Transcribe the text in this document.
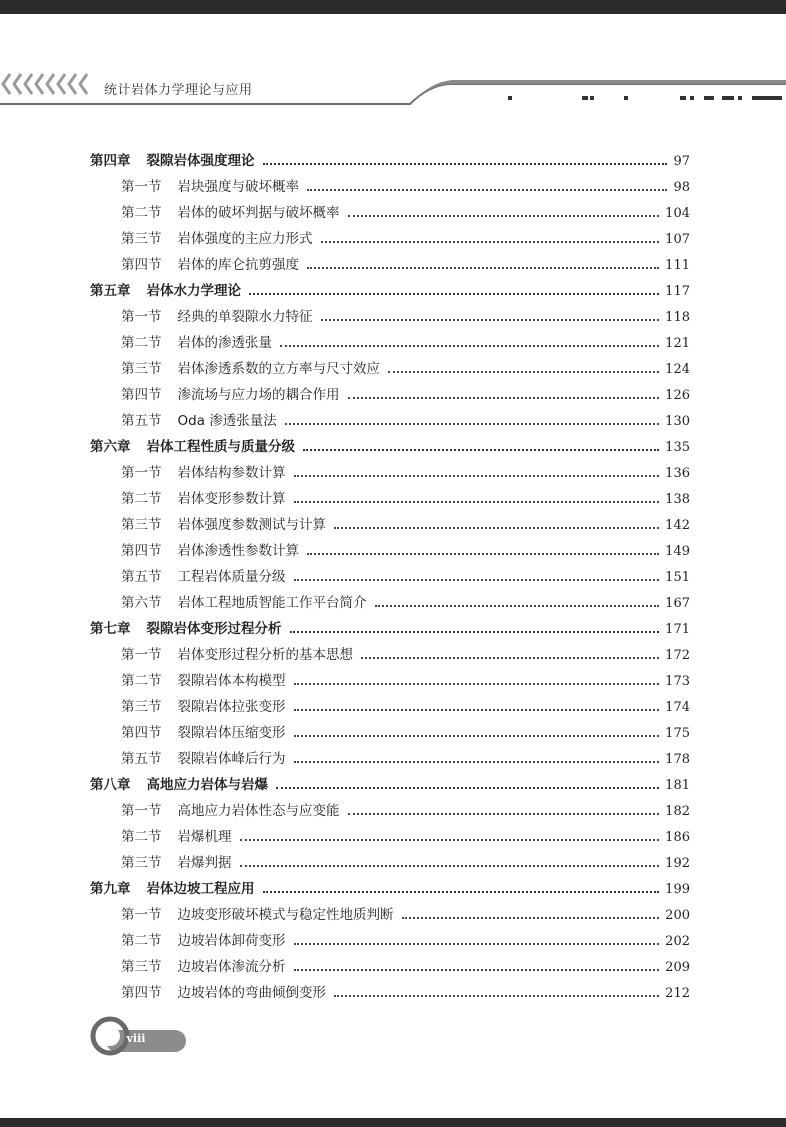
统计岩体力学理论与应用
第四章 裂隙岩体强度理论	97
第一节 岩块强度与破坏概率	98
第二节 岩体的破坏判据与破坏概率	104
第三节 岩体强度的主应力形式	107
第四节 岩体的库仑抗剪强度	111
第五章 岩体水力学理论	117
第一节 经典的单裂隙水力特征	118
第二节 岩体的渗透张量	121
第三节 岩体渗透系数的立方率与尺寸效应	124
第四节 渗流场与应力场的耦合作用	126
第五节 Oda 渗透张量法	130
第六章 岩体工程性质与质量分级	135
第一节 岩体结构参数计算	136
第二节 岩体变形参数计算	138
第三节 岩体强度参数测试与计算	142
第四节 岩体渗透性参数计算	149
第五节 工程岩体质量分级	151
第六节 岩体工程地质智能工作平台简介	167
第七章 裂隙岩体变形过程分析	171
第一节 岩体变形过程分析的基本思想	172
第二节 裂隙岩体本构模型	173
第三节 裂隙岩体拉张变形	174
第四节 裂隙岩体压缩变形	175
第五节 裂隙岩体峰后行为	178
第八章 高地应力岩体与岩爆	181
第一节 高地应力岩体性态与应变能	182
第二节 岩爆机理	186
第三节 岩爆判据	192
第九章 岩体边坡工程应用	199
第一节 边坡变形破坏模式与稳定性地质判断	200
第二节 边坡岩体卸荷变形	202
第三节 边坡岩体渗流分析	209
第四节 边坡岩体的弯曲倾倒变形	212
viii
